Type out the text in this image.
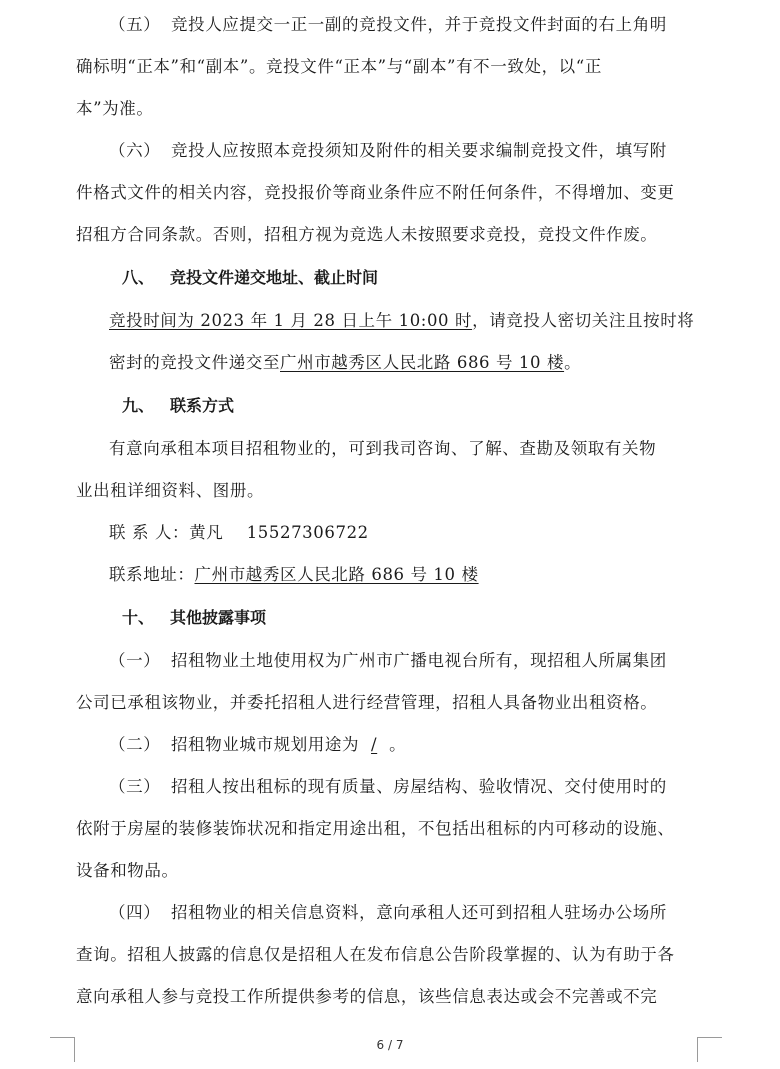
（五） 竞投人应提交一正一副的竞投文件，并于竞投文件封面的右上角明
确标明“正本”和“副本”。竞投文件“正本”与“副本”有不一致处，以“正
本”为准。
（六） 竞投人应按照本竞投须知及附件的相关要求编制竞投文件，填写附
件格式文件的相关内容，竞投报价等商业条件应不附任何条件，不得增加、变更
招租方合同条款。否则，招租方视为竞选人未按照要求竞投，竞投文件作废。
八、 竞投文件递交地址、截止时间
竞投时间为 2023 年 1 月 28 日上午 10:00 时，请竞投人密切关注且按时将
密封的竞投文件递交至广州市越秀区人民北路 686 号 10 楼。
九、 联系方式
有意向承租本项目招租物业的，可到我司咨询、了解、查勘及领取有关物
业出租详细资料、图册。
联 系 人：黄凡 15527306722
联系地址：广州市越秀区人民北路 686 号 10 楼
十、 其他披露事项
（一） 招租物业土地使用权为广州市广播电视台所有，现招租人所属集团
公司已承租该物业，并委托招租人进行经营管理，招租人具备物业出租资格。
（二） 招租物业城市规划用途为 / 。
（三） 招租人按出租标的现有质量、房屋结构、验收情况、交付使用时的
依附于房屋的装修装饰状况和指定用途出租，不包括出租标的内可移动的设施、
设备和物品。
（四） 招租物业的相关信息资料，意向承租人还可到招租人驻场办公场所
查询。招租人披露的信息仅是招租人在发布信息公告阶段掌握的、认为有助于各
意向承租人参与竞投工作所提供参考的信息，该些信息表达或会不完善或不完
6 / 7
